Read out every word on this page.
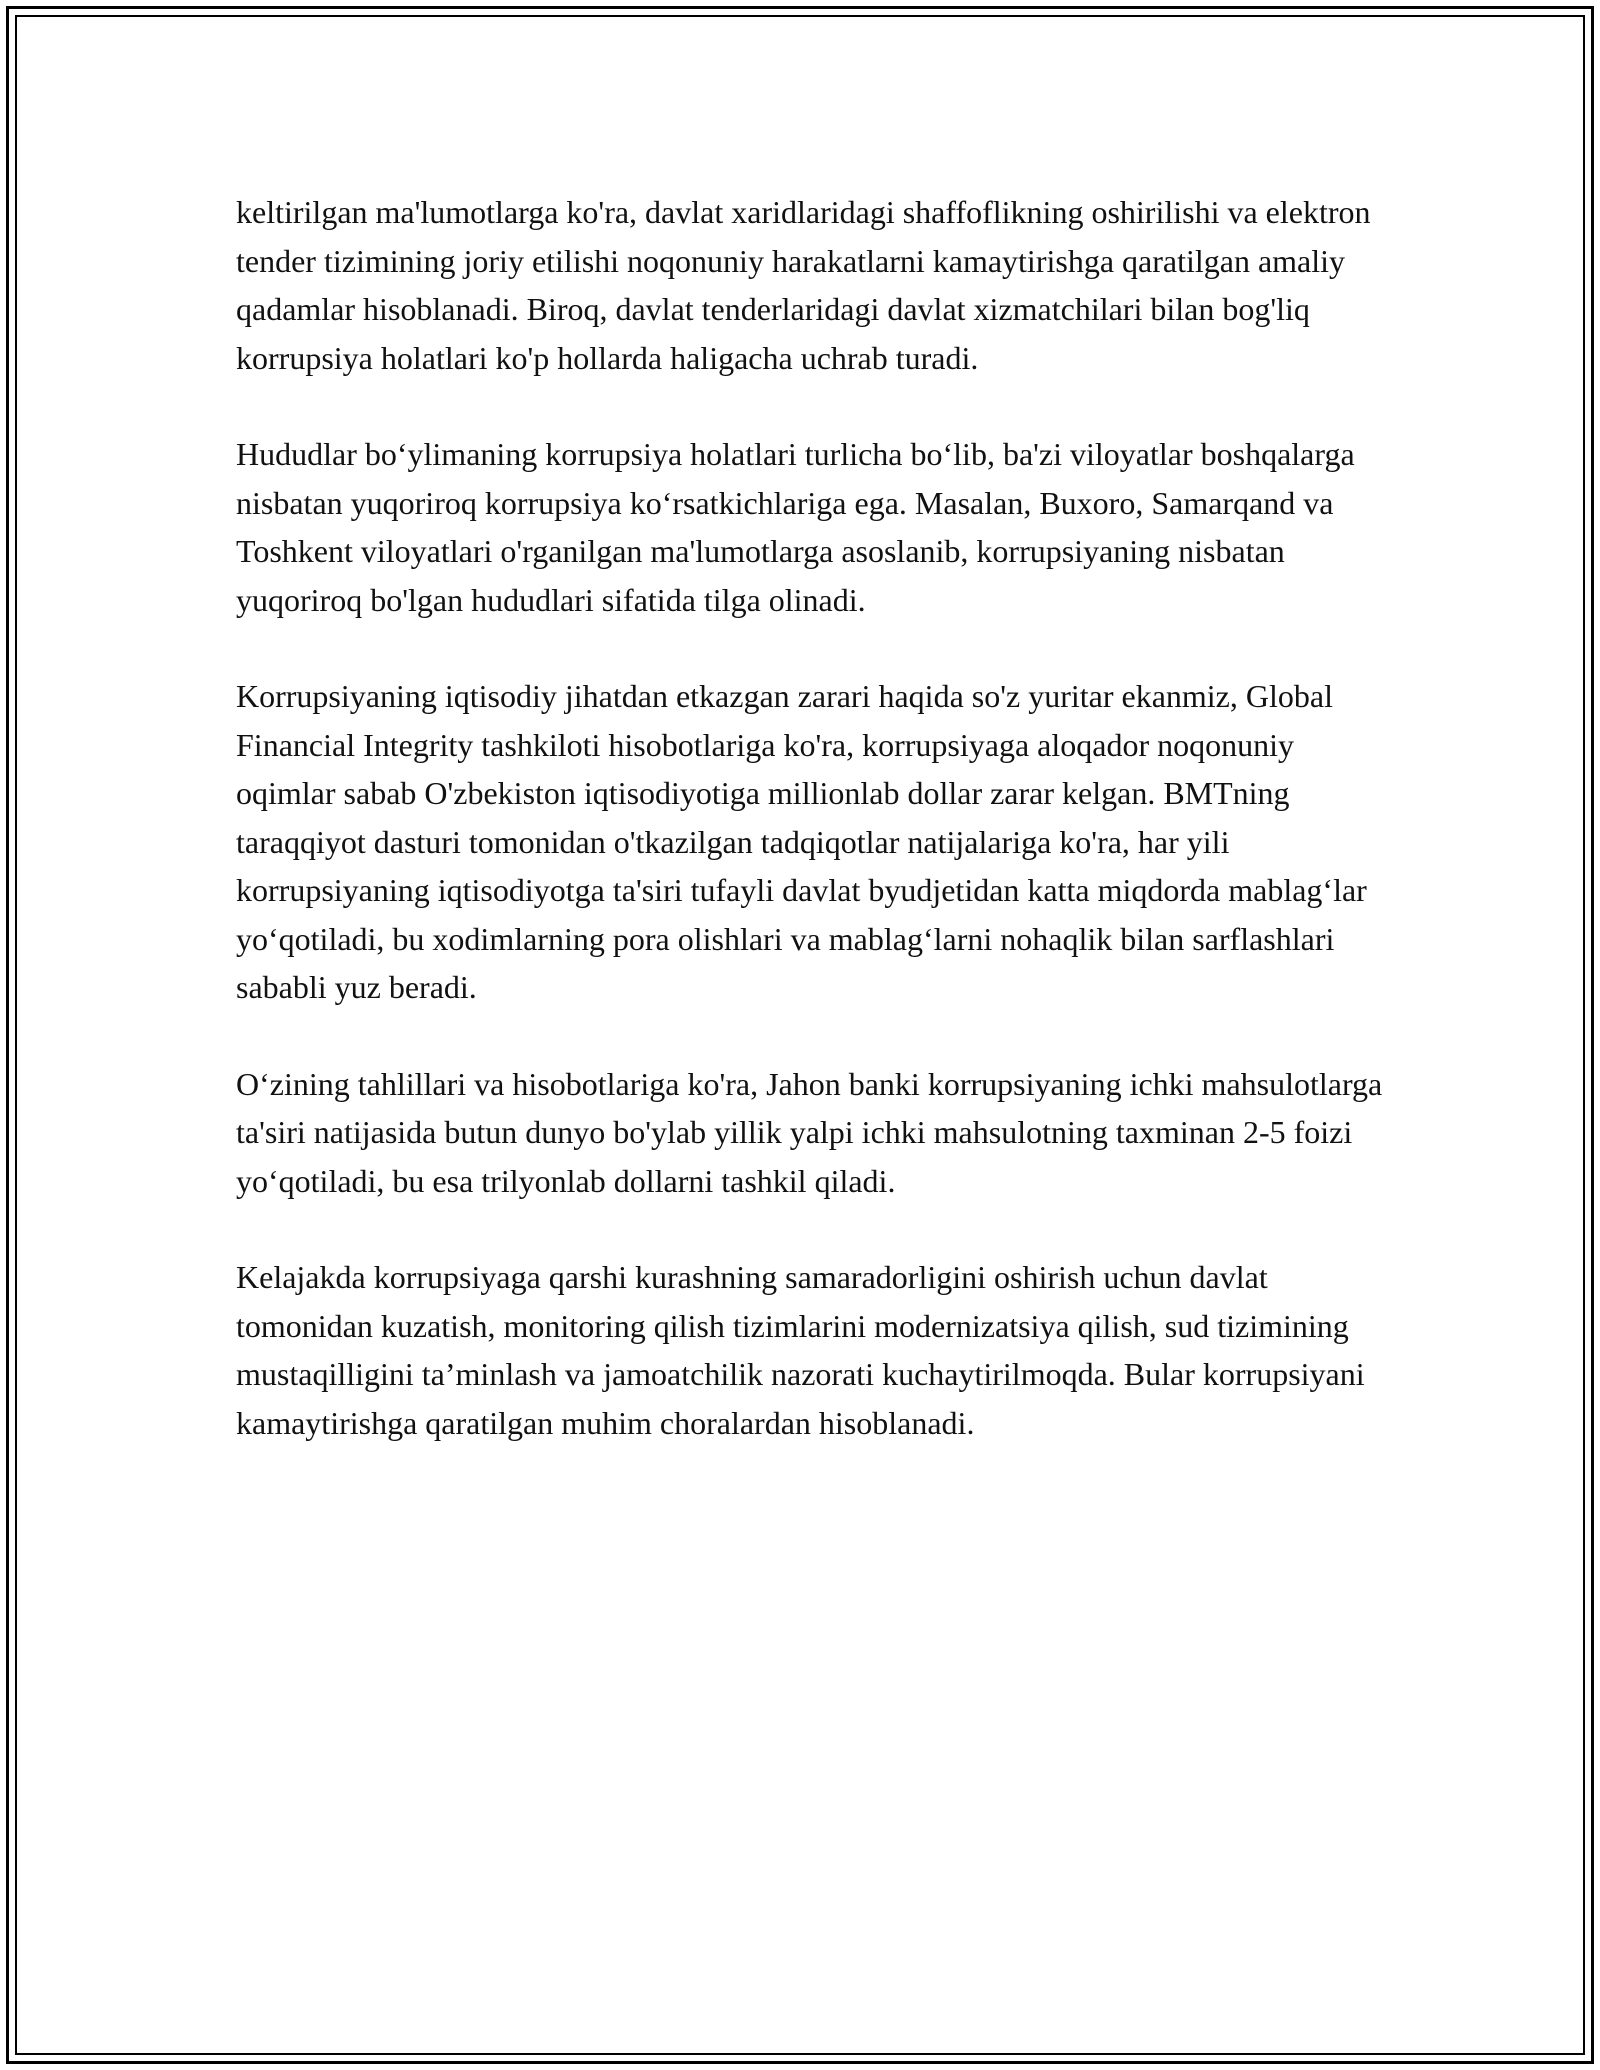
keltirilgan ma'lumotlarga ko'ra, davlat xaridlaridagi shaffoflikning oshirilishi va elektron tender tizimining joriy etilishi noqonuniy harakatlarni kamaytirishga qaratilgan amaliy qadamlar hisoblanadi. Biroq, davlat tenderlaridagi davlat xizmatchilari bilan bog'liq korrupsiya holatlari ko'p hollarda haligacha uchrab turadi.

Hududlar bo‘ylimaning korrupsiya holatlari turlicha bo‘lib, ba'zi viloyatlar boshqalarga nisbatan yuqoriroq korrupsiya ko‘rsatkichlariga ega. Masalan, Buxoro, Samarqand va Toshkent viloyatlari o'rganilgan ma'lumotlarga asoslanib, korrupsiyaning nisbatan yuqoriroq bo'lgan hududlari sifatida tilga olinadi.

Korrupsiyaning iqtisodiy jihatdan etkazgan zarari haqida so'z yuritar ekanmiz, Global Financial Integrity tashkiloti hisobotlariga ko'ra, korrupsiyaga aloqador noqonuniy oqimlar sabab O'zbekiston iqtisodiyotiga millionlab dollar zarar kelgan. BMTning taraqqiyot dasturi tomonidan o'tkazilgan tadqiqotlar natijalariga ko'ra, har yili korrupsiyaning iqtisodiyotga ta'siri tufayli davlat byudjetidan katta miqdorda mablag‘lar yo‘qotiladi, bu xodimlarning pora olishlari va mablag‘larni nohaqlik bilan sarflashlari sababli yuz beradi.

O‘zining tahlillari va hisobotlariga ko'ra, Jahon banki korrupsiyaning ichki mahsulotlarga ta'siri natijasida butun dunyo bo'ylab yillik yalpi ichki mahsulotning taxminan 2-5 foizi yo‘qotiladi, bu esa trilyonlab dollarni tashkil qiladi.

Kelajakda korrupsiyaga qarshi kurashning samaradorligini oshirish uchun davlat tomonidan kuzatish, monitoring qilish tizimlarini modernizatsiya qilish, sud tizimining mustaqilligini ta’minlash va jamoatchilik nazorati kuchaytirilmoqda. Bular korrupsiyani kamaytirishga qaratilgan muhim choralardan hisoblanadi.
